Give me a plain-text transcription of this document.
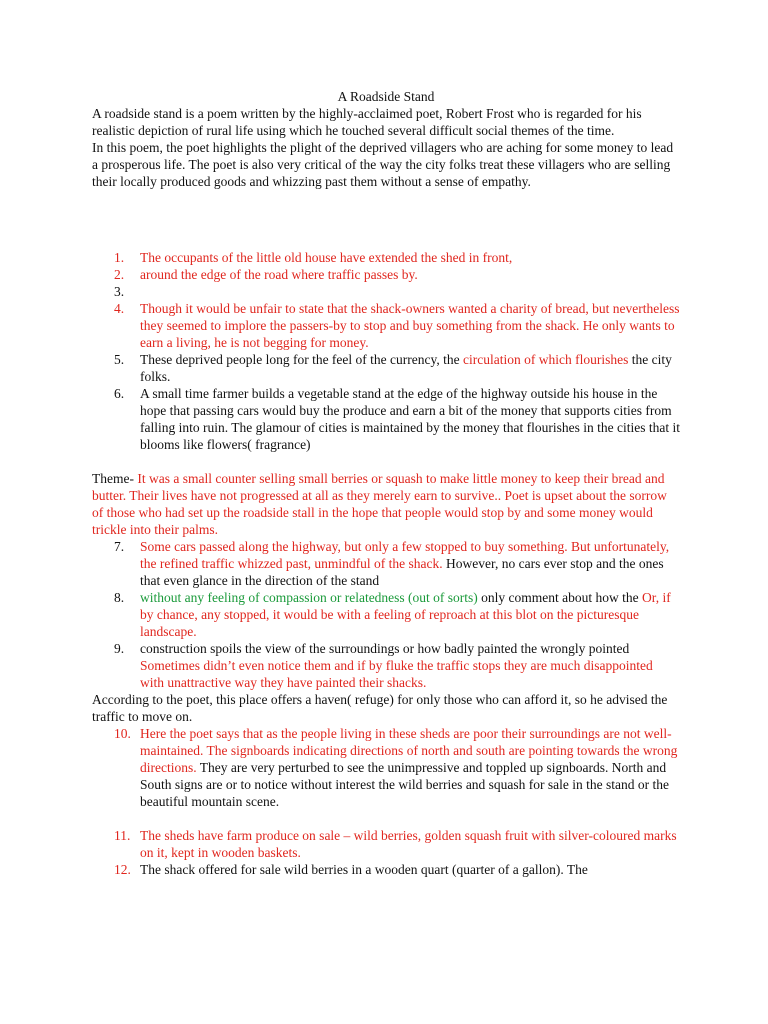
A Roadside Stand

A roadside stand is a poem written by the highly-acclaimed poet, Robert Frost who is regarded for his realistic depiction of rural life using which he touched several difficult social themes of the time.

In this poem, the poet highlights the plight of the deprived villagers who are aching for some money to lead a prosperous life. The poet is also very critical of the way the city folks treat these villagers who are selling their locally produced goods and whizzing past them without a sense of empathy.

1. The occupants of the little old house have extended the shed in front,
2. around the edge of the road where traffic passes by.
3.

4. Though it would be unfair to state that the shack-owners wanted a charity of bread, but nevertheless they seemed to implore the passers-by to stop and buy something from the shack. He only wants to earn a living, he is not begging for money.
5. These deprived people long for the feel of the currency, the circulation of which flourishes the city folks.
6. A small time farmer builds a vegetable stand at the edge of the highway outside his house in the hope that passing cars would buy the produce and earn a bit of the money that supports cities from falling into ruin. The glamour of cities is maintained by the money that flourishes in the cities that it blooms like flowers( fragrance)

Theme- It was a small counter selling small berries or squash to make little money to keep their bread and butter. Their lives have not progressed at all as they merely earn to survive.. Poet is upset about the sorrow of those who had set up the roadside stall in the hope that people would stop by and some money would trickle into their palms.

7. Some cars passed along the highway, but only a few stopped to buy something. But unfortunately, the refined traffic whizzed past, unmindful of the shack. However, no cars ever stop and the ones that even glance in the direction of the stand
8. without any feeling of compassion or relatedness (out of sorts) only comment about how the Or, if by chance, any stopped, it would be with a feeling of reproach at this blot on the picturesque landscape.
9. construction spoils the view of the surroundings or how badly painted the wrongly pointed Sometimes didn’t even notice them and if by fluke the traffic stops they are much disappointed with unattractive way they have painted their shacks.

According to the poet, this place offers a haven( refuge) for only those who can afford it, so he advised the traffic to move on.

10. Here the poet says that as the people living in these sheds are poor their surroundings are not well-maintained. The signboards indicating directions of north and south are pointing towards the wrong directions. They are very perturbed to see the unimpressive and toppled up signboards. North and South signs are or to notice without interest the wild berries and squash for sale in the stand or the beautiful mountain scene.
11. The sheds have farm produce on sale – wild berries, golden squash fruit with silver-coloured marks on it, kept in wooden baskets.
12. The shack offered for sale wild berries in a wooden quart (quarter of a gallon). The
